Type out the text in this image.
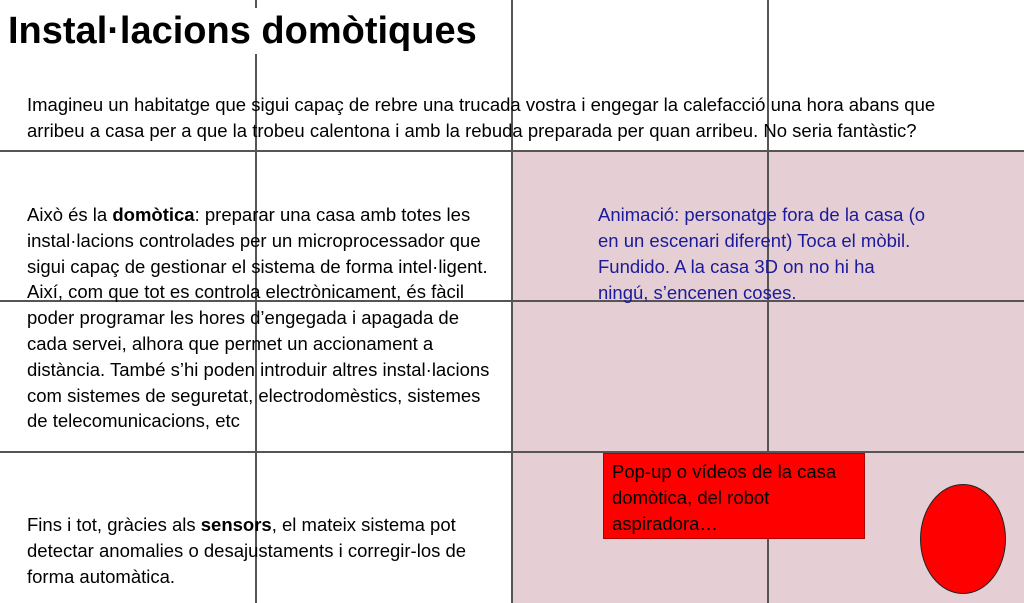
Instal·lacions domòtiques

Imagineu un habitatge que sigui capaç de rebre una trucada vostra i engegar la calefacció una hora abans que arribeu a casa per a que la trobeu calentona i amb la rebuda preparada per quan arribeu. No seria fantàstic?

Això és la domòtica: preparar una casa amb totes les instal·lacions controlades per un microprocessador que sigui capaç de gestionar el sistema de forma intel·ligent. Així, com que tot es controla electrònicament, és fàcil poder programar les hores d’engegada i apagada de cada servei, alhora que permet un accionament a distància. També s’hi poden introduir altres instal·lacions com sistemes de seguretat, electrodomèstics, sistemes de telecomunicacions, etc

Fins i tot, gràcies als sensors, el mateix sistema pot detectar anomalies o desajustaments i corregir-los de forma automàtica.

Animació: personatge fora de la casa (o en un escenari diferent) Toca el mòbil. Fundido. A la casa 3D on no hi ha ningú, s’encenen coses.

Pop-up o vídeos de la casa domòtica, del robot aspiradora…
